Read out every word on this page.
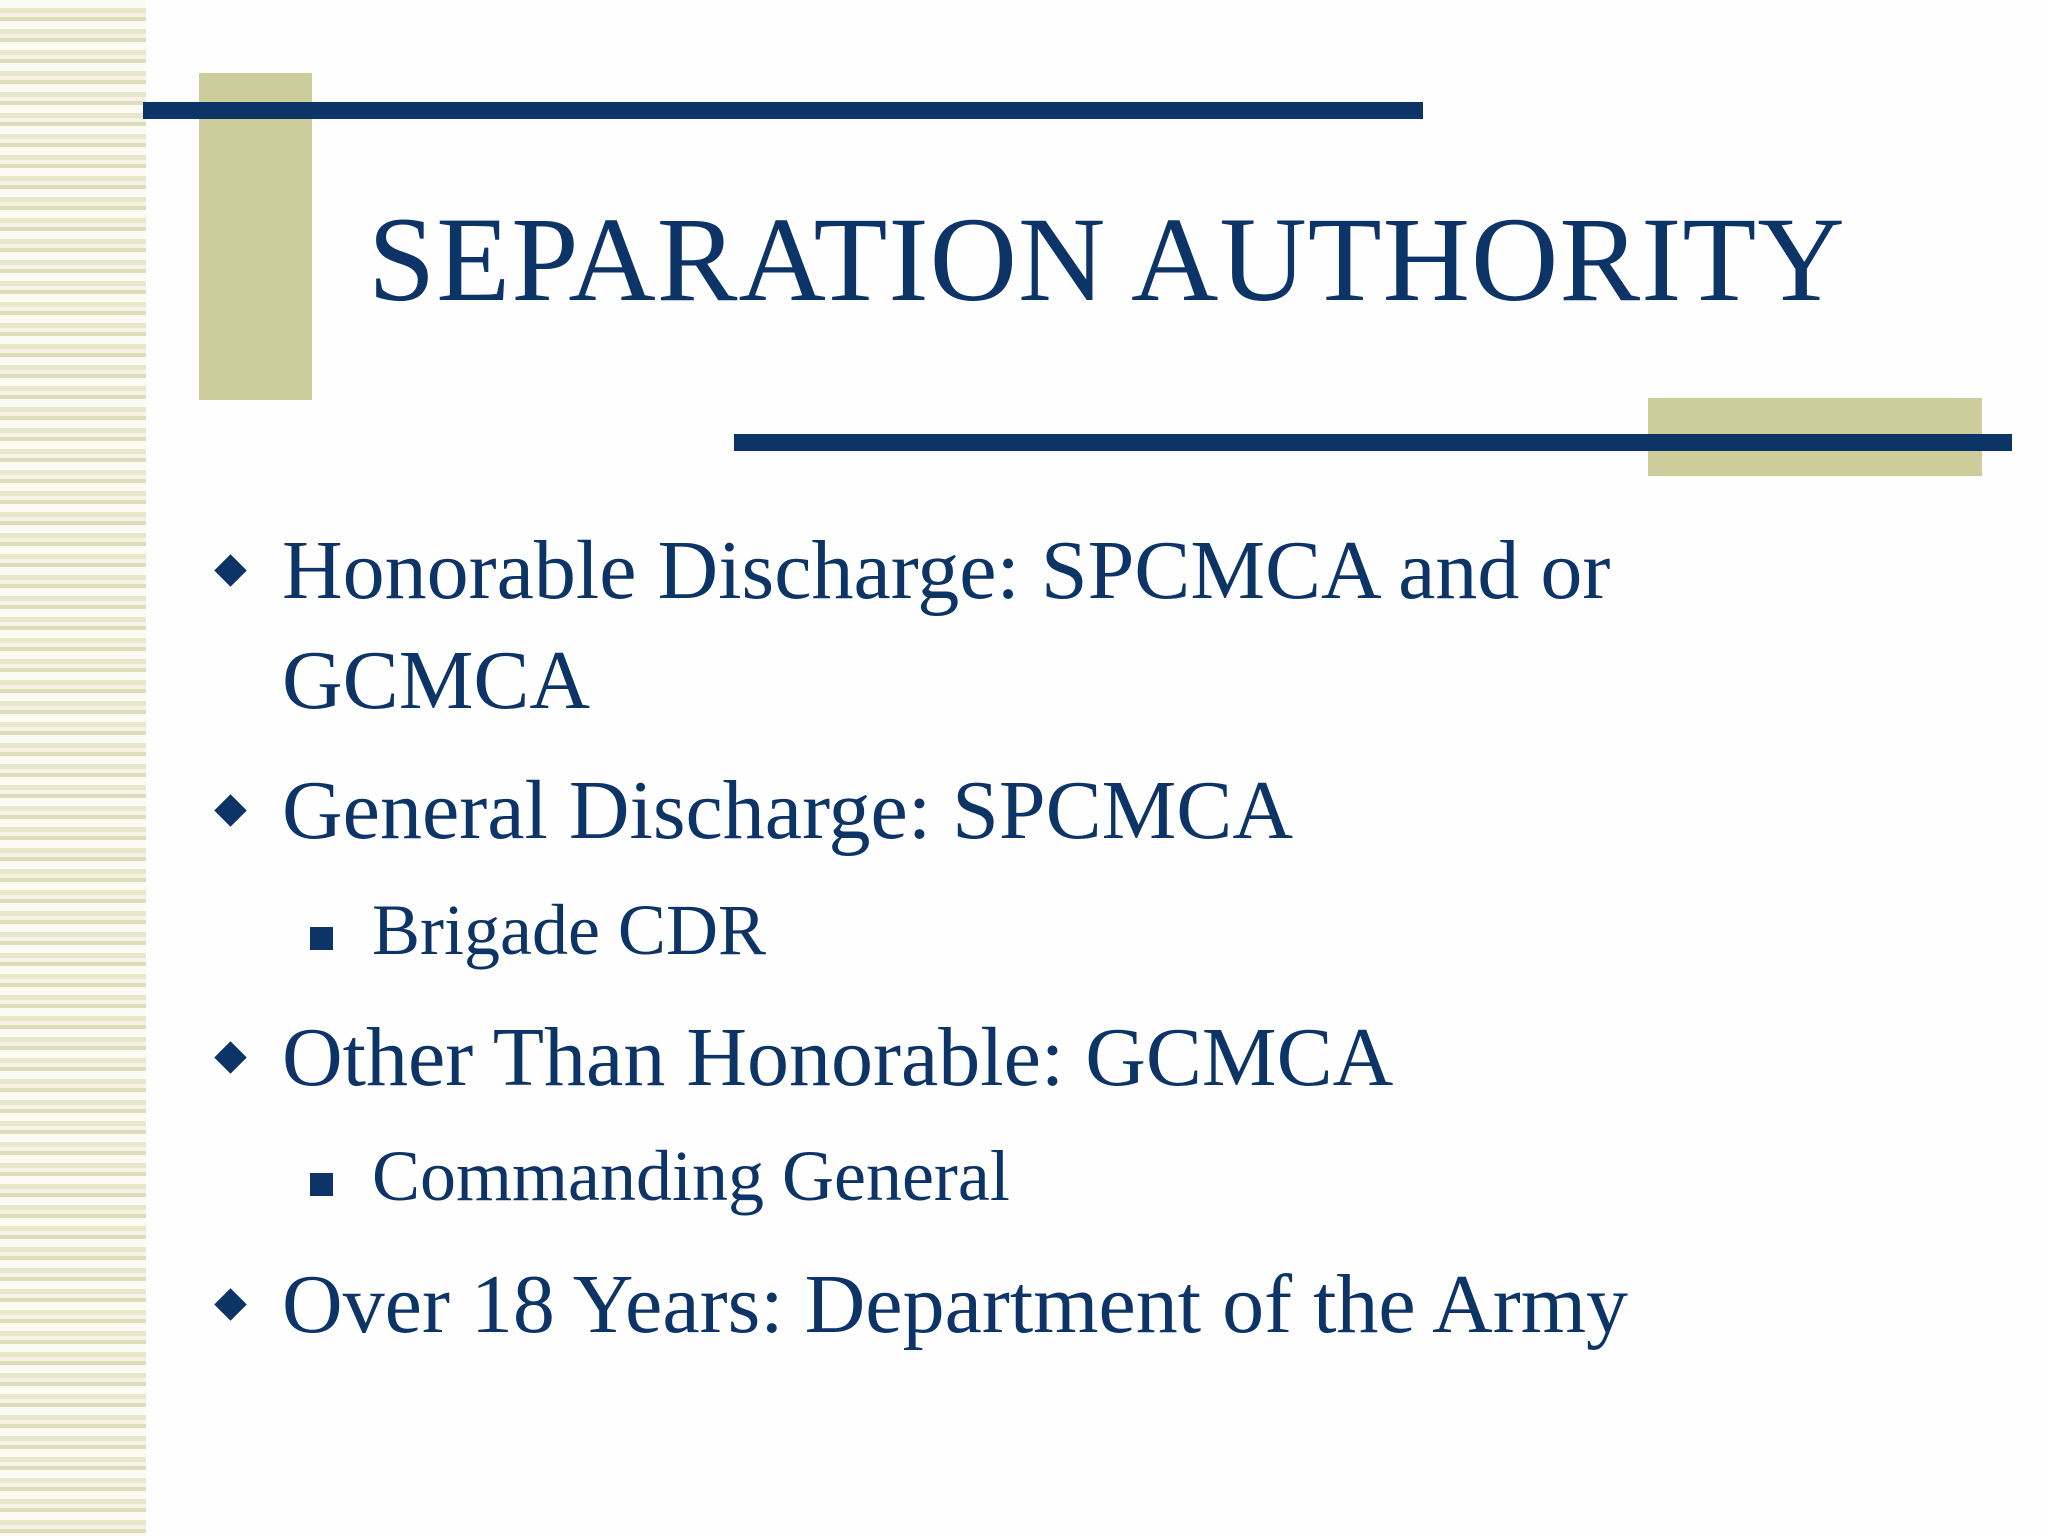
SEPARATION AUTHORITY

Honorable Discharge: SPCMCA and or

GCMCA

General Discharge: SPCMCA

Brigade CDR

Other Than Honorable: GCMCA

Commanding General

Over 18 Years: Department of the Army
